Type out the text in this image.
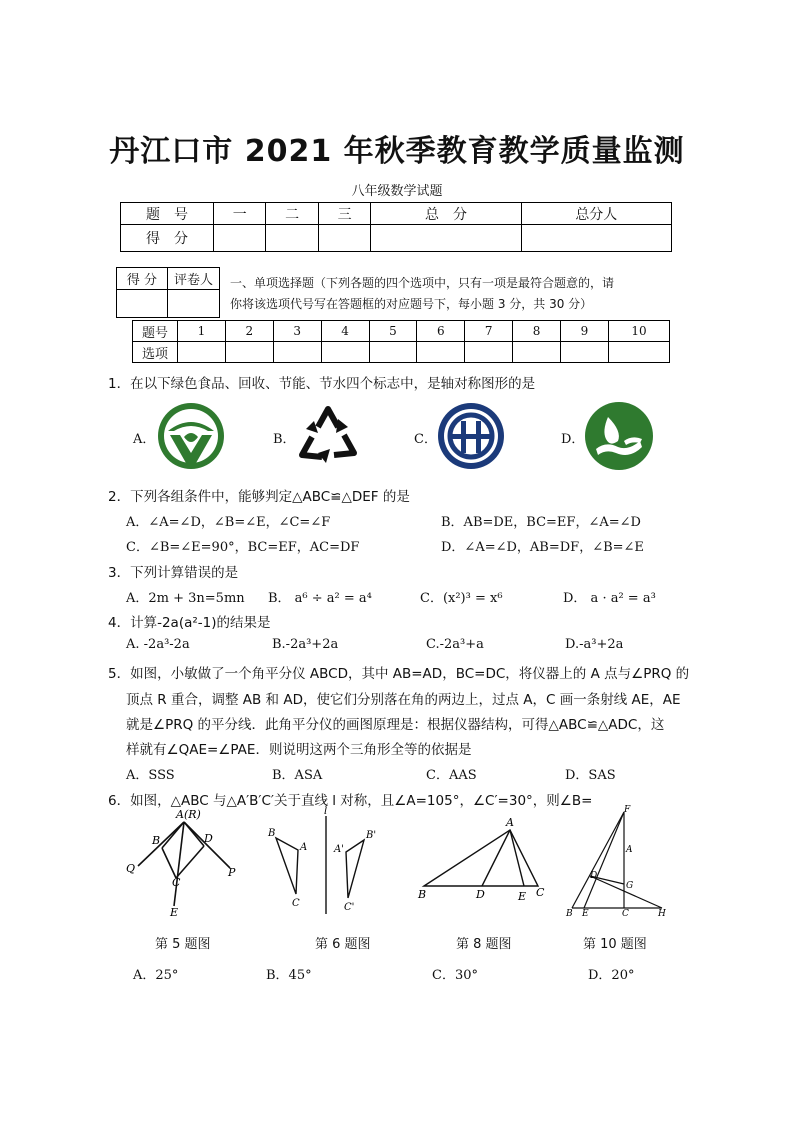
丹江口市 2021 年秋季教育教学质量监测
八年级数学试题
题　号	一	二	三	总　分	总分人
得　分					
得 分	评卷人
	一、单项选择题（下列各题的四个选项中，只有一项是最符合题意的，请
你将该选项代号写在答题框的对应题号下，每小题 3 分，共 30 分）
题号	1	2	3	4	5	6	7	8	9	10
选项										
1．在以下绿色食品、回收、节能、节水四个标志中，是轴对称图形的是
A．	B．	C．	D．
2．下列各组条件中，能够判定△ABC≌△DEF 的是
A．∠A=∠D，∠B=∠E，∠C=∠F	B．AB=DE，BC=EF，∠A=∠D
C．∠B=∠E=90°，BC=EF，AC=DF	D．∠A=∠D，AB=DF，∠B=∠E
3．下列计算错误的是
A．2m + 3n=5mn B． a⁶ ÷ a² = a⁴	C．(x²)³ = x⁶	D． a · a² = a³
4．计算-2a(a²-1)的结果是
A. -2a³-2a	B.-2a³+2a	C.-2a³+a	D.-a³+2a
5．如图，小敏做了一个角平分仪 ABCD，其中 AB=AD，BC=DC，将仪器上的 A 点与∠PRQ 的
顶点 R 重合，调整 AB 和 AD，使它们分别落在角的两边上，过点 A，C 画一条射线 AE，AE
就是∠PRQ 的平分线．此角平分仪的画图原理是：根据仪器结构，可得△ABC≌△ADC，这
样就有∠QAE=∠PAE．则说明这两个三角形全等的依据是
A．SSS	B．ASA	C．AAS	D．SAS
6．如图，△ABC 与△A′B′C′关于直线 l 对称，且∠A=105°，∠C′=30°，则∠B=
A(R)
B	D
Q	P
C
E
l
B
A
C
B'
A'
C'
A
B	D	E C
F
A
D
G
B E	C	H
第 5 题图	第 6 题图	第 8 题图	第 10 题图
A．25°	B．45°	C．30°	D．20°
